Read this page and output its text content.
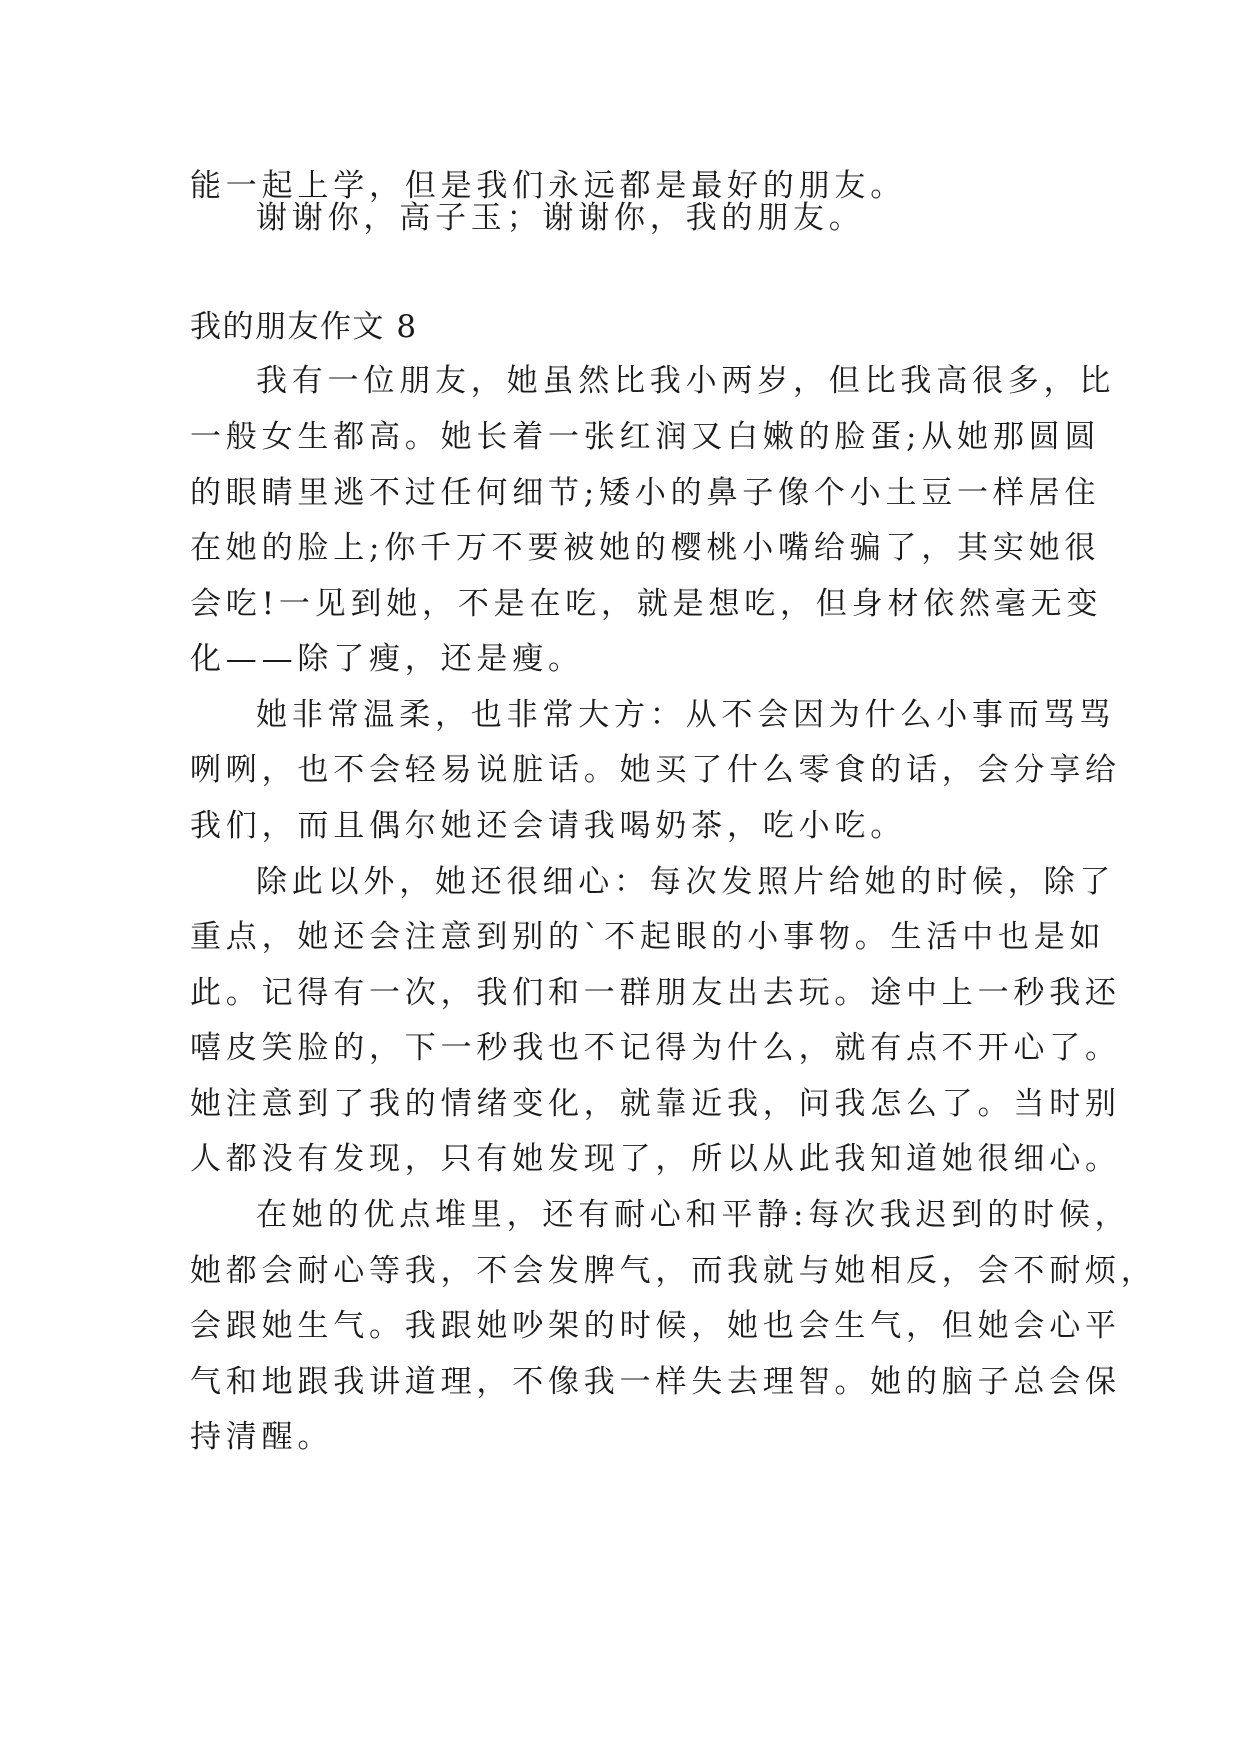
能一起上学，但是我们永远都是最好的朋友。
谢谢你，高子玉；谢谢你，我的朋友。
我的朋友作文 8
我有一位朋友，她虽然比我小两岁，但比我高很多，比
一般女生都高。她长着一张红润又白嫩的脸蛋;从她那圆圆
的眼睛里逃不过任何细节;矮小的鼻子像个小土豆一样居住
在她的脸上;你千万不要被她的樱桃小嘴给骗了，其实她很
会吃!一见到她，不是在吃，就是想吃，但身材依然毫无变
化——除了瘦，还是瘦。
她非常温柔，也非常大方：从不会因为什么小事而骂骂
咧咧，也不会轻易说脏话。她买了什么零食的话，会分享给
我们，而且偶尔她还会请我喝奶茶，吃小吃。
除此以外，她还很细心：每次发照片给她的时候，除了
重点，她还会注意到别的`不起眼的小事物。生活中也是如
此。记得有一次，我们和一群朋友出去玩。途中上一秒我还
嘻皮笑脸的，下一秒我也不记得为什么，就有点不开心了。
她注意到了我的情绪变化，就靠近我，问我怎么了。当时别
人都没有发现，只有她发现了，所以从此我知道她很细心。
在她的优点堆里，还有耐心和平静:每次我迟到的时候，
她都会耐心等我，不会发脾气，而我就与她相反，会不耐烦，
会跟她生气。我跟她吵架的时候，她也会生气，但她会心平
气和地跟我讲道理，不像我一样失去理智。她的脑子总会保
持清醒。
